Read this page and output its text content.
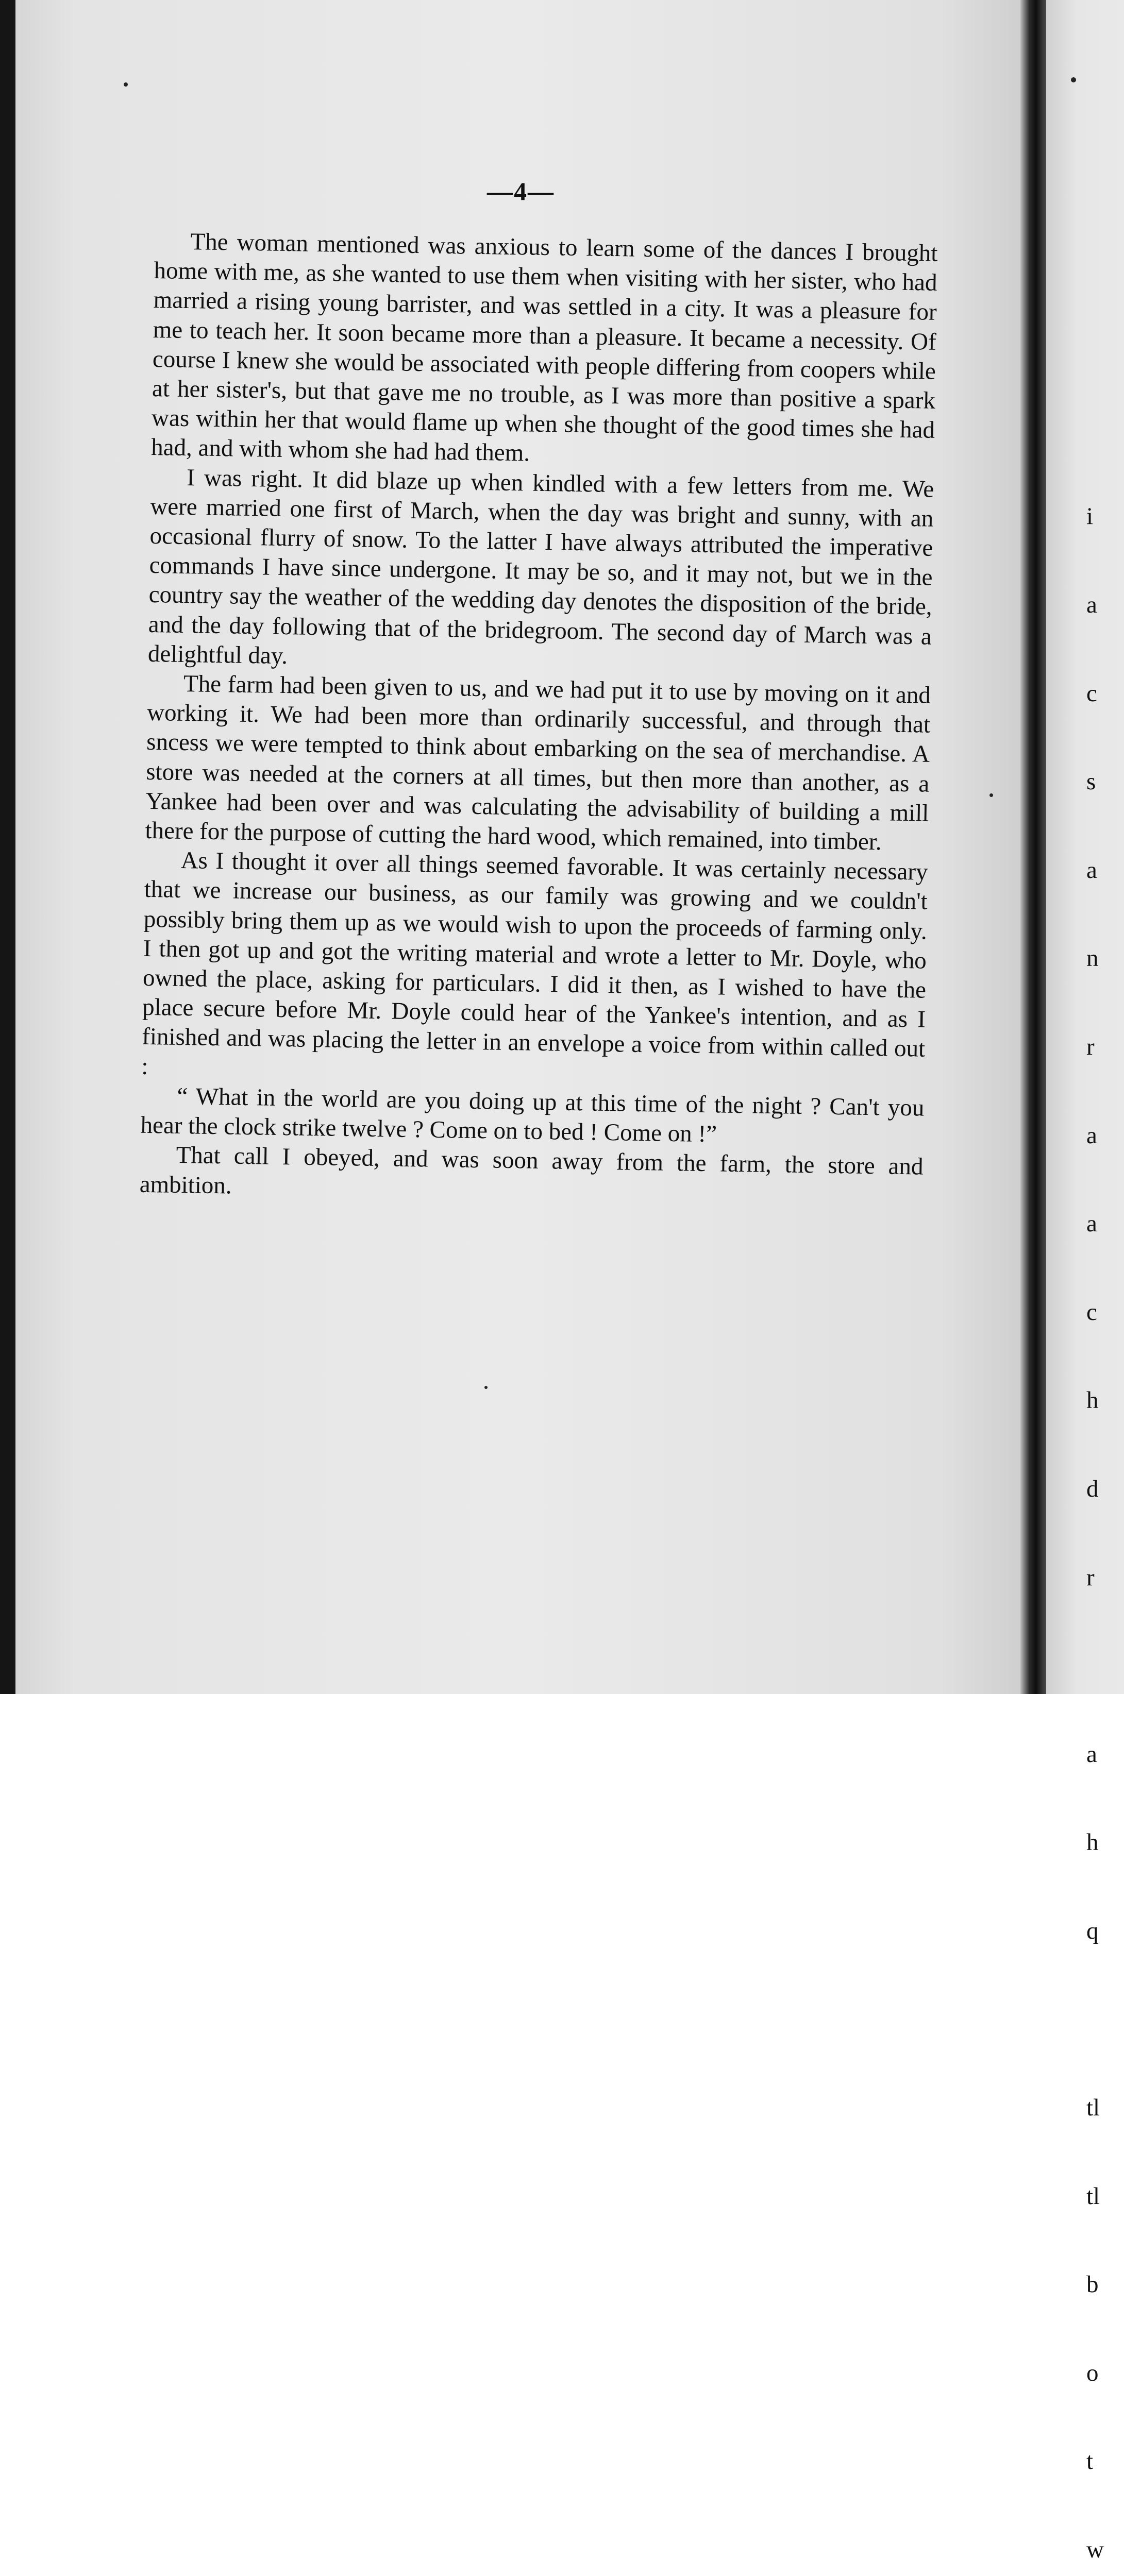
—4—

The woman mentioned was anxious to learn some of the dances I brought home with me, as she wanted to use them when visiting with her sister, who had married a rising young barrister, and was settled in a city. It was a pleasure for me to teach her. It soon became more than a pleasure. It became a necessity. Of course I knew she would be associated with people differing from coopers while at her sister's, but that gave me no trouble, as I was more than positive a spark was within her that would flame up when she thought of the good times she had had, and with whom she had had them.

I was right. It did blaze up when kindled with a few letters from me. We were married one first of March, when the day was bright and sunny, with an occasional flurry of snow. To the latter I have always attributed the imperative commands I have since undergone. It may be so, and it may not, but we in the country say the weather of the wedding day denotes the disposition of the bride, and the day following that of the bridegroom. The second day of March was a delightful day.

The farm had been given to us, and we had put it to use by moving on it and working it. We had been more than ordinarily successful, and through that sncess we were tempted to think about embarking on the sea of merchandise. A store was needed at the corners at all times, but then more than another, as a Yankee had been over and was calculating the advisability of building a mill there for the purpose of cutting the hard wood, which remained, into timber.

As I thought it over all things seemed favorable. It was certainly necessary that we increase our business, as our family was growing and we couldn't possibly bring them up as we would wish to upon the proceeds of farming only. I then got up and got the writing material and wrote a letter to Mr. Doyle, who owned the place, asking for particulars. I did it then, as I wished to have the place secure before Mr. Doyle could hear of the Yankee's intention, and as I finished and was placing the letter in an envelope a voice from within called out :

“ What in the world are you doing up at this time of the night ? Can't you hear the clock strike twelve ? Come on to bed ! Come on !”

That call I obeyed, and was soon away from the farm, the store and ambition.

i

a

c

s

a

n

r

a

a

c

h

d

r

a

h

q

tl

tl

b

o

t

w
